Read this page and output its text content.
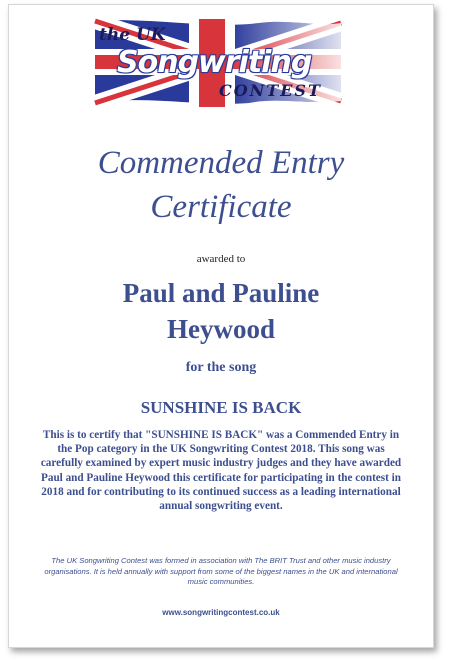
the UK
Songwriting
CONTEST
Commended Entry
Certificate
awarded to
Paul and Pauline
Heywood
for the song
SUNSHINE IS BACK
This is to certify that "SUNSHINE IS BACK" was a Commended Entry in the Pop category in the UK Songwriting Contest 2018. This song was carefully examined by expert music industry judges and they have awarded Paul and Pauline Heywood this certificate for participating in the contest in 2018 and for contributing to its continued success as a leading international annual songwriting event.
The UK Songwriting Contest was formed in association with The BRIT Trust and other music industry organisations. It is held annually with support from some of the biggest names in the UK and international music communities.
www.songwritingcontest.co.uk
